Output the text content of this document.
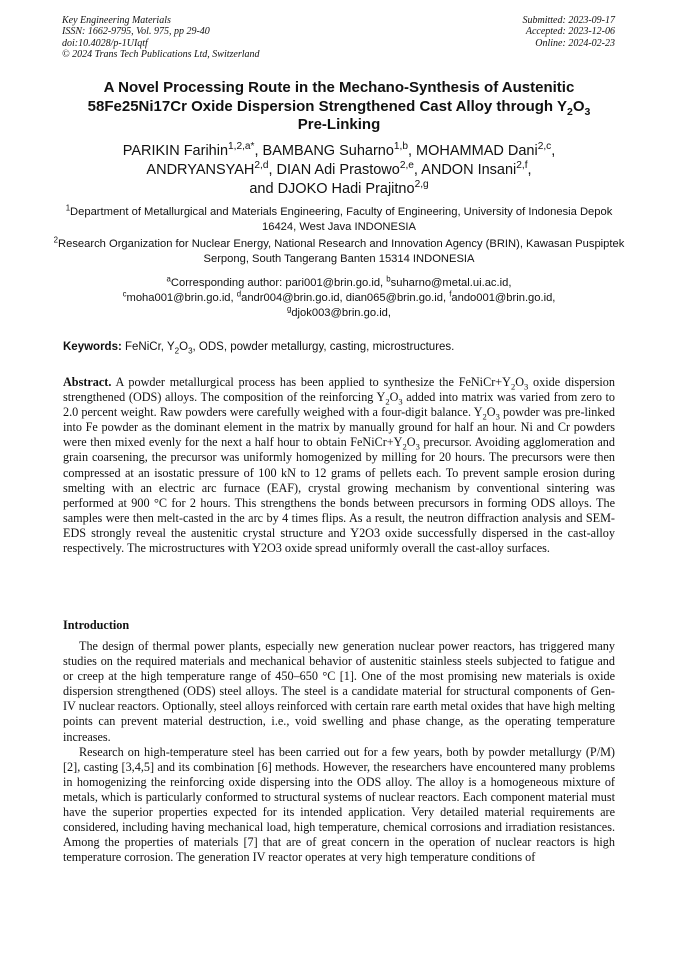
Key Engineering Materials
ISSN: 1662-9795, Vol. 975, pp 29-40
doi:10.4028/p-1UIqtf
© 2024 Trans Tech Publications Ltd, Switzerland
Submitted: 2023-09-17
Accepted: 2023-12-06
Online: 2024-02-23
A Novel Processing Route in the Mechano-Synthesis of Austenitic
58Fe25Ni17Cr Oxide Dispersion Strengthened Cast Alloy through $Y_2O_3$
Pre-Linking
PARIKIN Farihin$^{1,2,a*}$, BAMBANG Suharno$^{1,b}$, MOHAMMAD Dani$^{2,c}$,
ANDRYANSYAH$^{2,d}$, DIAN Adi Prastowo$^{2,e}$, ANDON Insani$^{2,f}$,
and DJOKO Hadi Prajitno$^{2,g}$
$^1$Department of Metallurgical and Materials Engineering, Faculty of Engineering, University of Indonesia Depok 16424, West Java INDONESIA
$^2$Research Organization for Nuclear Energy, National Research and Innovation Agency (BRIN), Kawasan Puspiptek Serpong, South Tangerang Banten 15314 INDONESIA
$^a$Corresponding author: pari001@brin.go.id, $^b$suharno@metal.ui.ac.id,
$^c$moha001@brin.go.id, $^d$andr004@brin.go.id, dian065@brin.go.id, $^f$ando001@brin.go.id,
$^g$djok003@brin.go.id,
Keywords: FeNiCr, $Y_2O_3$, ODS, powder metallurgy, casting, microstructures.

Abstract. A powder metallurgical process has been applied to synthesize the $FeNiCr+Y_2O_3$ oxide dispersion strengthened (ODS) alloys. The composition of the reinforcing $Y_2O_3$ added into matrix was varied from zero to 2.0 percent weight. Raw powders were carefully weighed with a four-digit balance. $Y_2O_3$ powder was pre-linked into Fe powder as the dominant element in the matrix by manually ground for half an hour. Ni and Cr powders were then mixed evenly for the next a half hour to obtain $FeNiCr+Y_2O_3$ precursor. Avoiding agglomeration and grain coarsening, the precursor was uniformly homogenized by milling for 20 hours. The precursors were then compressed at an isostatic pressure of 100 kN to 12 grams of pellets each. To prevent sample erosion during smelting with an electric arc furnace (EAF), crystal growing mechanism by conventional sintering was performed at 900 °C for 2 hours. This strengthens the bonds between precursors in forming ODS alloys. The samples were then melt-casted in the arc by 4 times flips. As a result, the neutron diffraction analysis and SEM-EDS strongly reveal the austenitic crystal structure and Y2O3 oxide successfully dispersed in the cast-alloy respectively. The microstructures with Y2O3 oxide spread uniformly overall the cast-alloy surfaces.

Introduction

The design of thermal power plants, especially new generation nuclear power reactors, has triggered many studies on the required materials and mechanical behavior of austenitic stainless steels subjected to fatigue and or creep at the high temperature range of 450–650 °C [1]. One of the most promising new materials is oxide dispersion strengthened (ODS) steel alloys. The steel is a candidate material for structural components of Gen-IV nuclear reactors. Optionally, steel alloys reinforced with certain rare earth metal oxides that have high melting points can prevent material destruction, i.e., void swelling and phase change, as the operating temperature increases.

Research on high-temperature steel has been carried out for a few years, both by powder metallurgy (P/M) [2], casting [3,4,5] and its combination [6] methods. However, the researchers have encountered many problems in homogenizing the reinforcing oxide dispersing into the ODS alloy. The alloy is a homogeneous mixture of metals, which is particularly conformed to structural systems of nuclear reactors. Each component material must have the superior properties expected for its intended application. Very detailed material requirements are considered, including having mechanical load, high temperature, chemical corrosions and irradiation resistances. Among the properties of materials [7] that are of great concern in the operation of nuclear reactors is high temperature corrosion. The generation IV reactor operates at very high temperature conditions of
